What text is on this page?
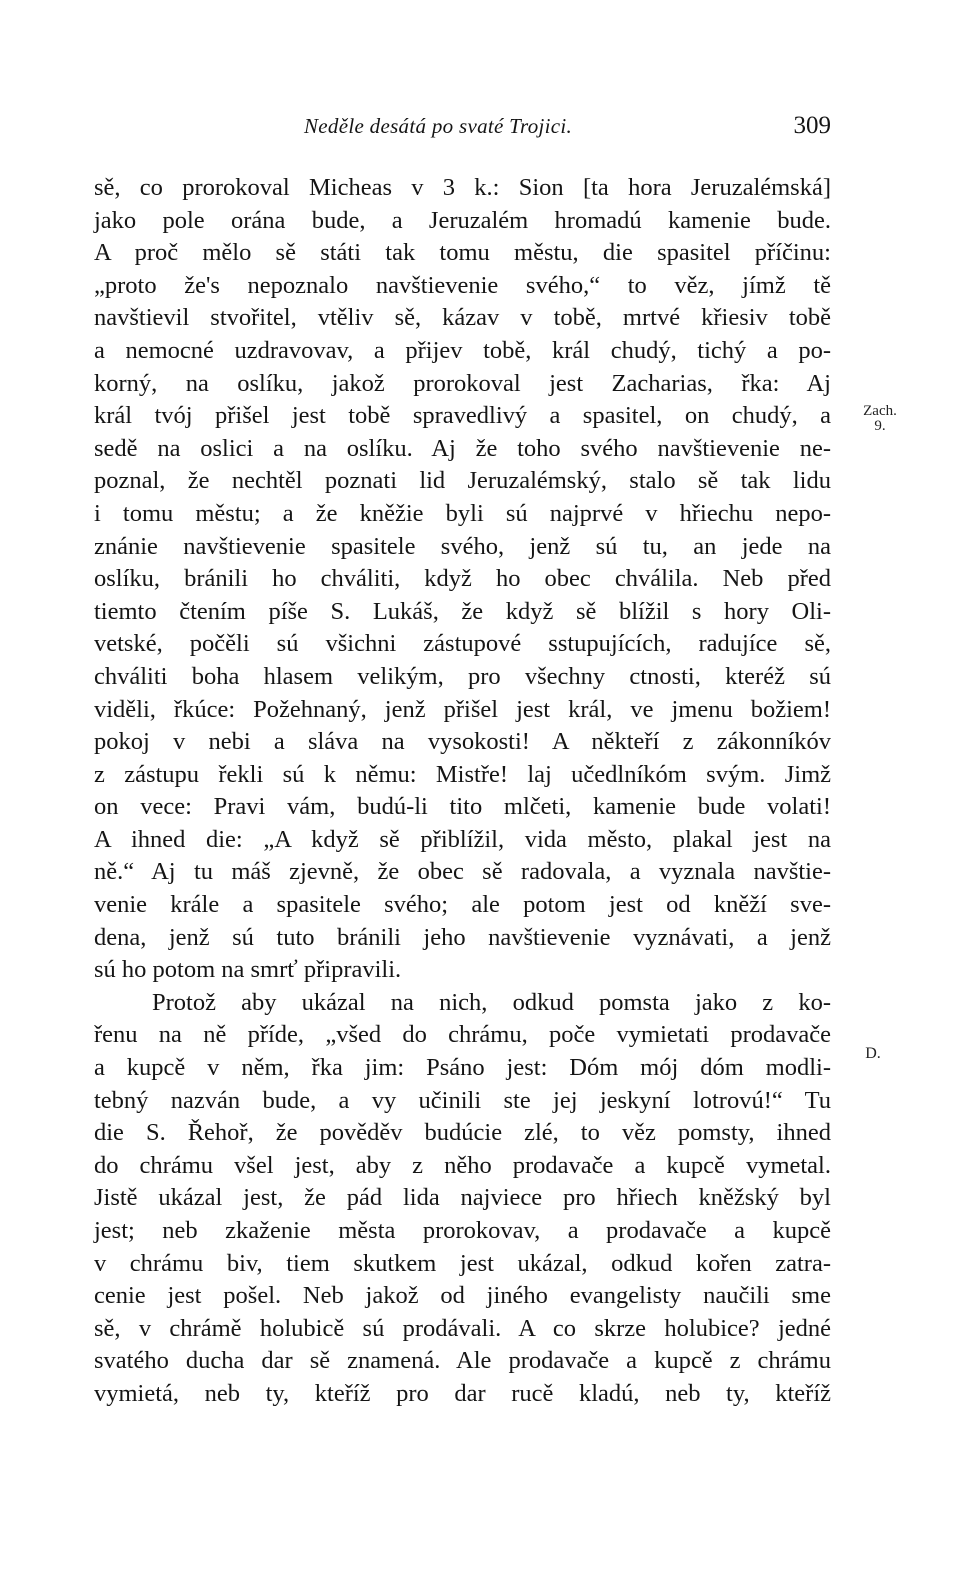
Neděle desátá po svaté Trojici.	309
sě, co prorokoval Micheas v 3 k.: Sion [ta hora Jeruzalémská]
jako pole orána bude, a Jeruzalém hromadú kamenie bude.
A proč mělo sě státi tak tomu městu, die spasitel příčinu:
„proto že's nepoznalo navštievenie svého,“ to věz, jímž tě
navštievil stvořitel, vtěliv sě, kázav v tobě, mrtvé křiesiv tobě
a nemocné uzdravovav, a přijev tobě, král chudý, tichý a po-
korný, na oslíku, jakož prorokoval jest Zacharias, řka: Aj
král tvój přišel jest tobě spravedlivý a spasitel, on chudý, a
sedě na oslici a na oslíku. Aj že toho svého navštievenie ne-
poznal, že nechtěl poznati lid Jeruzalémský, stalo sě tak lidu
i tomu městu; a že kněžie byli sú najprvé v hřiechu nepo-
znánie navštievenie spasitele svého, jenž sú tu, an jede na
oslíku, bránili ho chváliti, když ho obec chválila. Neb před
tiemto čtením píše S. Lukáš, že když sě blížil s hory Oli-
vetské, počěli sú všichni zástupové sstupujících, radujíce sě,
chváliti boha hlasem velikým, pro všechny ctnosti, kteréž sú
viděli, řkúce: Požehnaný, jenž přišel jest král, ve jmenu božiem!
pokoj v nebi a sláva na vysokosti! A někteří z zákonníkóv
z zástupu řekli sú k němu: Mistře! laj učedlníkóm svým. Jimž
on vece: Pravi vám, budú-li tito mlčeti, kamenie bude volati!
A ihned die: „A když sě přiblížil, vida město, plakal jest na
ně.“ Aj tu máš zjevně, že obec sě radovala, a vyznala navštie-
venie krále a spasitele svého; ale potom jest od kněží sve-
dena, jenž sú tuto bránili jeho navštievenie vyznávati, a jenž
sú ho potom na smrť připravili.
Protož aby ukázal na nich, odkud pomsta jako z ko-
řenu na ně příde, „všed do chrámu, poče vymietati prodavače
a kupcě v něm, řka jim: Psáno jest: Dóm mój dóm modli-
tebný nazván bude, a vy učinili ste jej jeskyní lotrovú!“ Tu
die S. Řehoř, že pověděv budúcie zlé, to věz pomsty, ihned
do chrámu všel jest, aby z něho prodavače a kupcě vymetal.
Jistě ukázal jest, že pád lida najviece pro hřiech kněžský byl
jest; neb zkaženie města prorokovav, a prodavače a kupcě
v chrámu biv, tiem skutkem jest ukázal, odkud kořen zatra-
cenie jest pošel. Neb jakož od jiného evangelisty naučili sme
sě, v chrámě holubicě sú prodávali. A co skrze holubice? jedné
svatého ducha dar sě znamená. Ale prodavače a kupcě z chrámu
vymietá, neb ty, kteříž pro dar rucě kladú, neb ty, kteříž
Zach.
9.
D.
